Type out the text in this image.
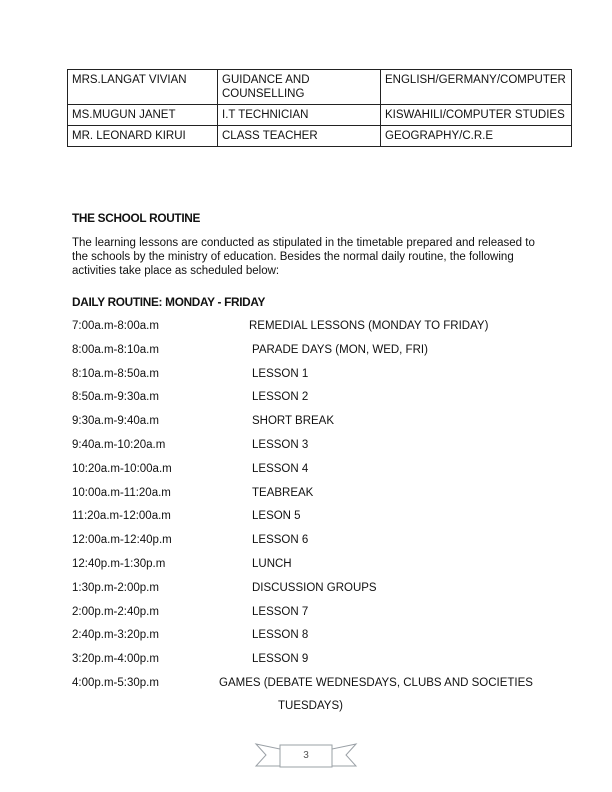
MRS.LANGAT VIVIAN	GUIDANCE AND COUNSELLING	ENGLISH/GERMANY/COMPUTER
MS.MUGUN JANET	I.T TECHNICIAN	KISWAHILI/COMPUTER STUDIES
MR. LEONARD KIRUI	CLASS TEACHER	GEOGRAPHY/C.R.E
THE SCHOOL ROUTINE
The learning lessons are conducted as stipulated in the timetable prepared and released to the schools by the ministry of education. Besides the normal daily routine, the following activities take place as scheduled below:
DAILY ROUTINE: MONDAY - FRIDAY
7:00a.m-8:00a.m	REMEDIAL LESSONS (MONDAY TO FRIDAY)
8:00a.m-8:10a.m	PARADE DAYS (MON, WED, FRI)
8:10a.m-8:50a.m	LESSON 1
8:50a.m-9:30a.m	LESSON 2
9:30a.m-9:40a.m	SHORT BREAK
9:40a.m-10:20a.m	LESSON 3
10:20a.m-10:00a.m	LESSON 4
10:00a.m-11:20a.m	TEABREAK
11:20a.m-12:00a.m	LESON 5
12:00a.m-12:40p.m	LESSON 6
12:40p.m-1:30p.m	LUNCH
1:30p.m-2:00p.m	DISCUSSION GROUPS
2:00p.m-2:40p.m	LESSON 7
2:40p.m-3:20p.m	LESSON 8
3:20p.m-4:00p.m	LESSON 9
4:00p.m-5:30p.m	GAMES (DEBATE WEDNESDAYS, CLUBS AND SOCIETIES
TUESDAYS)
3
